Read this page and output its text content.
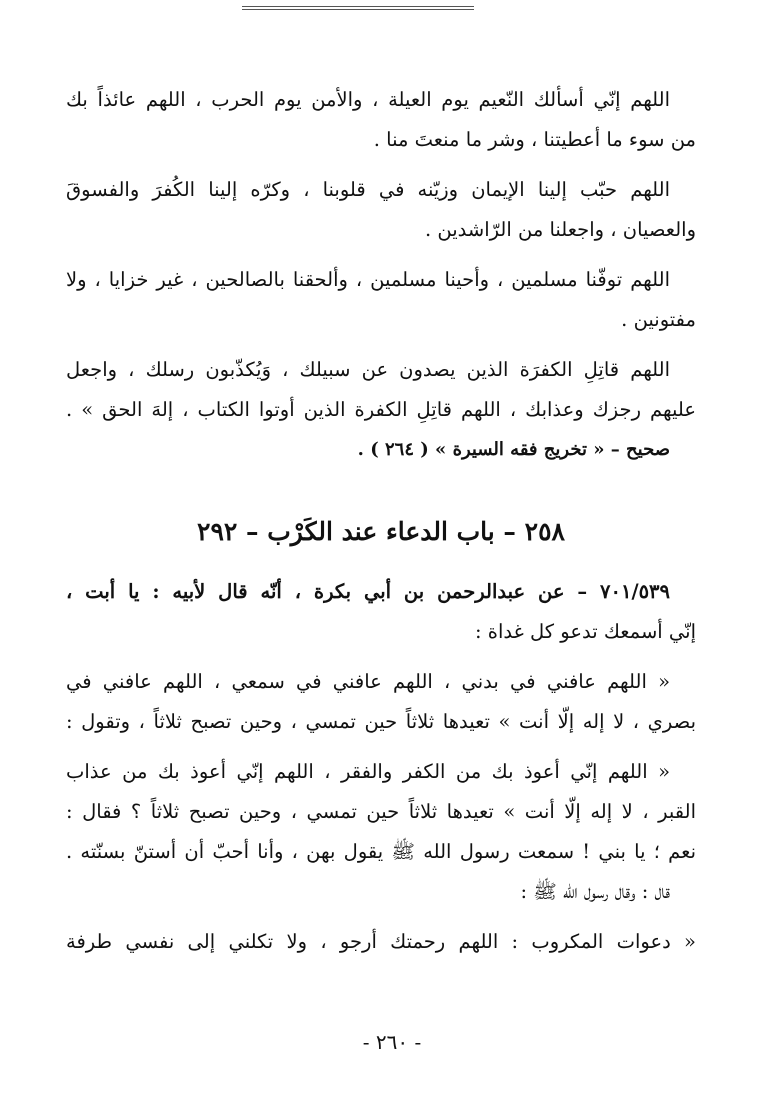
اللهم إنّي أسألك النّعيم يوم العيلة ، والأمن يوم الحرب ، اللهم عائذاً بك

من سوء ما أعطيتنا ، وشر ما منعتَ منا .

اللهم حبّب إلينا الإيمان وزيّنه في قلوبنا ، وكرّه إلينا الكُفرَ والفسوقَ

والعصيان ، واجعلنا من الرّاشدين .

اللهم توفّنا مسلمين ، وأحينا مسلمين ، وألحقنا بالصالحين ، غير خزايا ، ولا

مفتونين .

اللهم قاتِلِ الكفرَة الذين يصدون عن سبيلك ، وَيُكذّبون رسلك ، واجعل

عليهم رجزك وعذابك ، اللهم قاتِلِ الكفرة الذين أوتوا الكتاب ، إلهَ الحق » .

صحيح – « تخريج فقه السيرة » ( ٢٦٤ ) .

٢٥٨ – باب الدعاء عند الكَرْب – ٢٩٢

٧٠١/٥٣٩ – عن عبدالرحمن بن أبي بكرة ، أنّه قال لأبيه : يا أبت ،

إنّي أسمعك تدعو كل غداة :

« اللهم عافني في بدني ، اللهم عافني في سمعي ، اللهم عافني في

بصري ، لا إله إلّا أنت » تعيدها ثلاثاً حين تمسي ، وحين تصبح ثلاثاً ، وتقول :

« اللهم إنّي أعوذ بك من الكفر والفقر ، اللهم إنّي أعوذ بك من عذاب

القبر ، لا إله إلّا أنت » تعيدها ثلاثاً حين تمسي ، وحين تصبح ثلاثاً ؟ فقال :

نعم ؛ يا بني ! سمعت رسول الله ﷺ يقول بهن ، وأنا أحبّ أن أستنّ بسنّته .

قال : وقال رسول الله ﷺ :

« دعوات المكروب : اللهم رحمتك أرجو ، ولا تكلني إلى نفسي طرفة

- ٢٦٠ -
